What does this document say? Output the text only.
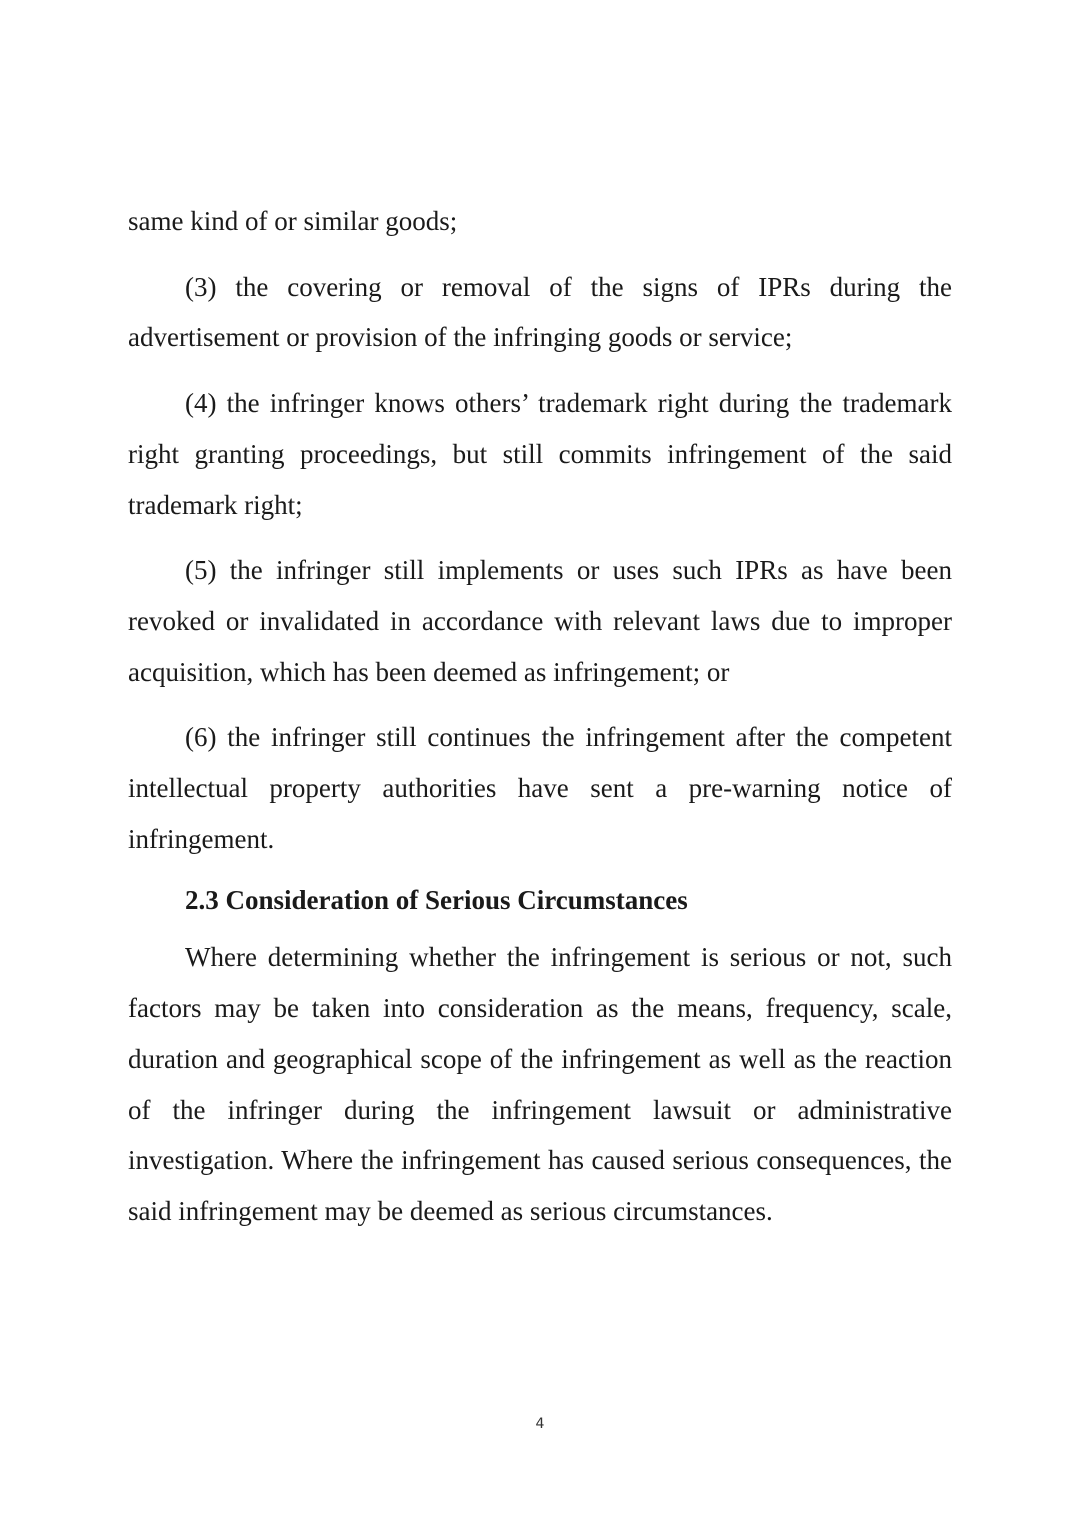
same kind of or similar goods;

(3) the covering or removal of the signs of IPRs during the advertisement or provision of the infringing goods or service;

(4) the infringer knows others’ trademark right during the trademark right granting proceedings, but still commits infringement of the said trademark right;

(5) the infringer still implements or uses such IPRs as have been revoked or invalidated in accordance with relevant laws due to improper acquisition, which has been deemed as infringement; or

(6) the infringer still continues the infringement after the competent intellectual property authorities have sent a pre-warning notice of infringement.

2.3 Consideration of Serious Circumstances

Where determining whether the infringement is serious or not, such factors may be taken into consideration as the means, frequency, scale, duration and geographical scope of the infringement as well as the reaction of the infringer during the infringement lawsuit or administrative investigation. Where the infringement has caused serious consequences, the said infringement may be deemed as serious circumstances.

4
